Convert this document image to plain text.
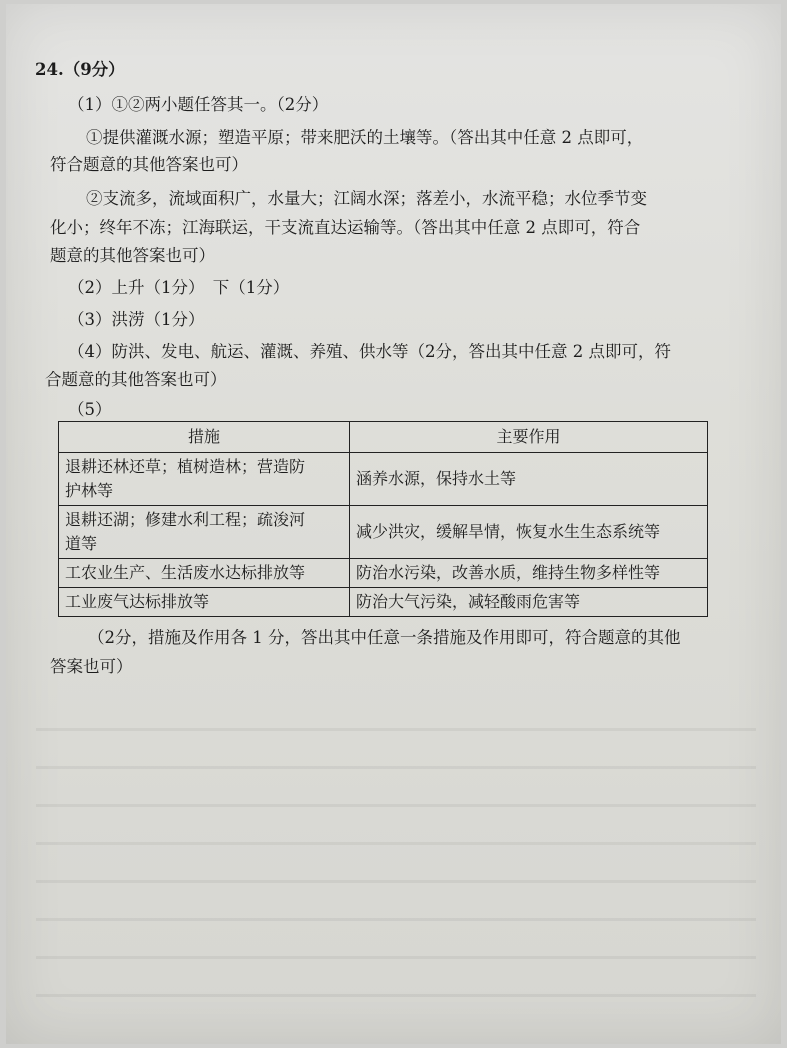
24.（9分）
（1）①②两小题任答其一。（2分）
①提供灌溉水源；塑造平原；带来肥沃的土壤等。（答出其中任意 2 点即可，
符合题意的其他答案也可）
②支流多，流域面积广，水量大；江阔水深；落差小，水流平稳；水位季节变
化小；终年不冻；江海联运，干支流直达运输等。（答出其中任意 2 点即可，符合
题意的其他答案也可）
（2）上升（1分）　下（1分）
（3）洪涝（1分）
（4）防洪、发电、航运、灌溉、养殖、供水等（2分，答出其中任意 2 点即可，符
合题意的其他答案也可）
（5）
措施	主要作用
退耕还林还草；植树造林；营造防
护林等	涵养水源，保持水土等
退耕还湖；修建水利工程；疏浚河
道等	减少洪灾，缓解旱情，恢复水生生态系统等
工农业生产、生活废水达标排放等	防治水污染，改善水质，维持生物多样性等
工业废气达标排放等	防治大气污染，减轻酸雨危害等
（2分，措施及作用各 1 分，答出其中任意一条措施及作用即可，符合题意的其他
答案也可）
